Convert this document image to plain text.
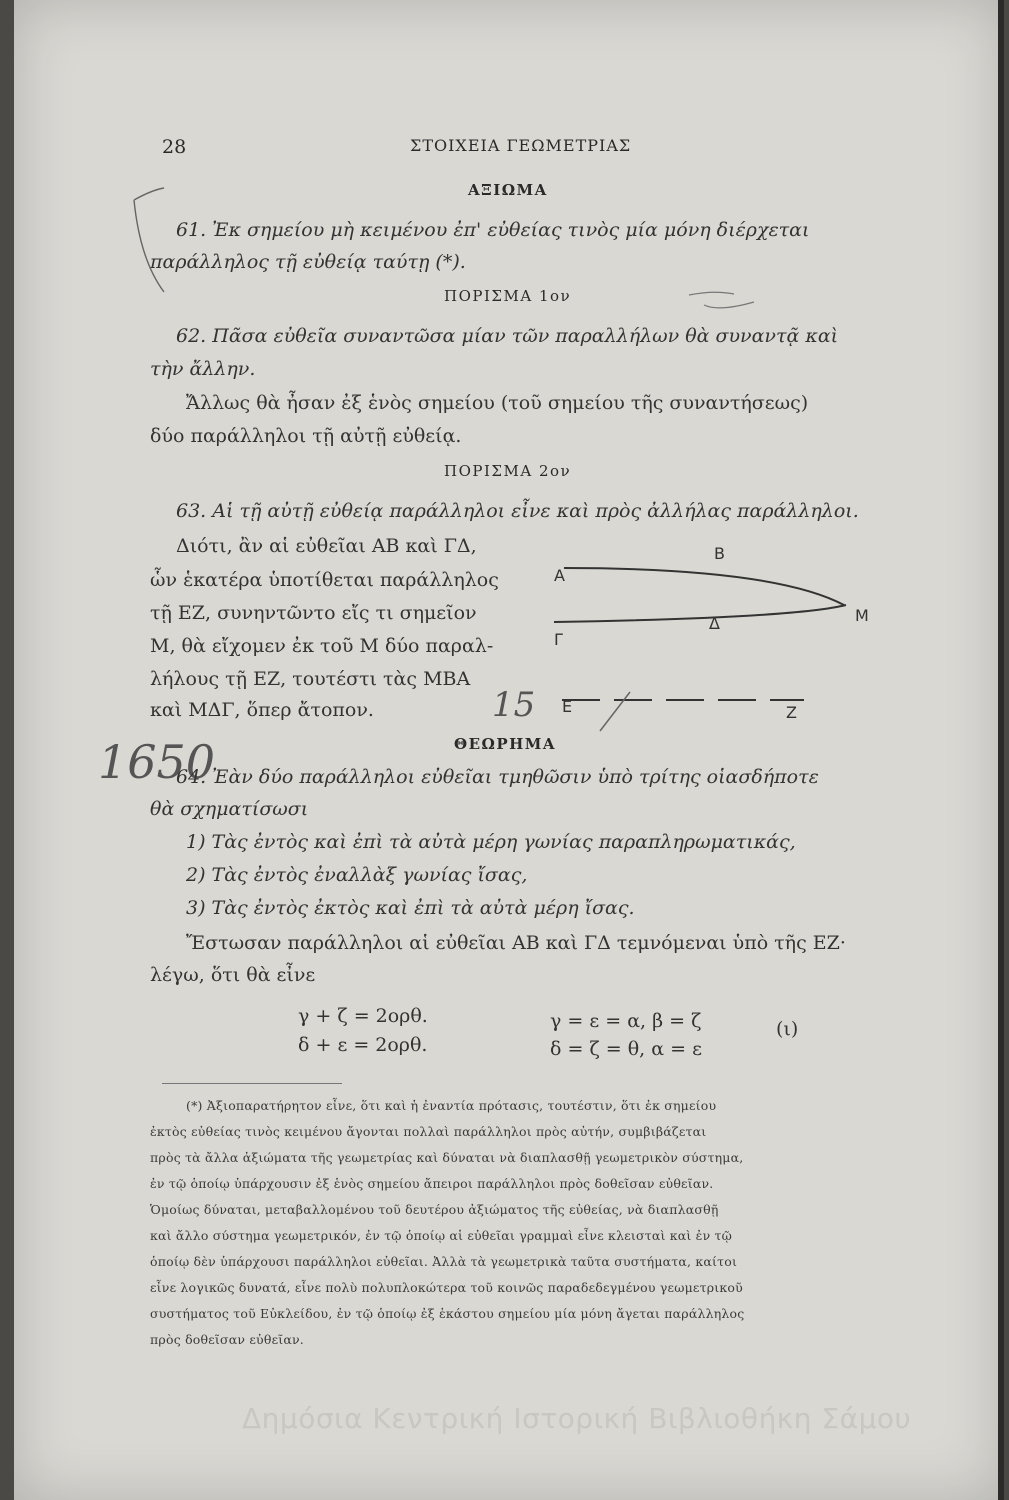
28	ΣΤΟΙΧΕΙΑ ΓΕΩΜΕΤΡΙΑΣ
ΑΞΙΩΜΑ
61. Ἐκ σημείου μὴ κειμένου ἐπ' εὐθείας τινὸς μία μόνη διέρχεται
παράλληλος τῇ εὐθείᾳ ταύτῃ (*).
ΠΟΡΙΣΜΑ 1ον
62. Πᾶσα εὐθεῖα συναντῶσα μίαν τῶν παραλλήλων θὰ συναντᾷ καὶ
τὴν ἄλλην.
Ἄλλως θὰ ἦσαν ἐξ ἑνὸς σημείου (τοῦ σημείου τῆς συναντήσεως)
δύο παράλληλοι τῇ αὐτῇ εὐθείᾳ.
ΠΟΡΙΣΜΑ 2ον
63. Αἱ τῇ αὐτῇ εὐθείᾳ παράλληλοι εἶνε καὶ πρὸς ἀλλήλας παράλληλοι.
Διότι, ἂν αἱ εὐθεῖαι ΑΒ καὶ ΓΔ,
ὧν ἑκατέρα ὑποτίθεται παράλληλος
τῇ ΕΖ, συνηντῶντο εἴς τι σημεῖον
Μ, θὰ εἴχομεν ἐκ τοῦ Μ δύο παραλ-
λήλους τῇ ΕΖ, τουτέστι τὰς ΜΒΑ
καὶ ΜΔΓ, ὅπερ ἄτοπον.
B
A
Γ
Δ	M
E	Z
15
1650	ΘΕΩΡΗΜΑ
64. Ἐὰν δύο παράλληλοι εὐθεῖαι τμηθῶσιν ὑπὸ τρίτης οἱασδήποτε
θὰ σχηματίσωσι
1) Τὰς ἐντὸς καὶ ἐπὶ τὰ αὐτὰ μέρη γωνίας παραπληρωματικάς,
2) Τὰς ἐντὸς ἐναλλὰξ γωνίας ἴσας,
3) Τὰς ἐντὸς ἐκτὸς καὶ ἐπὶ τὰ αὐτὰ μέρη ἴσας.
Ἔστωσαν παράλληλοι αἱ εὐθεῖαι ΑΒ καὶ ΓΔ τεμνόμεναι ὑπὸ τῆς ΕΖ·
λέγω, ὅτι θὰ εἶνε
γ + ζ = 2ορθ.
δ + ε = 2ορθ.
γ = ε = α, β = ζ
δ = ζ = θ, α = ε
(ι)
(*) Ἀξιοπαρατήρητον εἶνε, ὅτι καὶ ἡ ἐναντία πρότασις, τουτέστιν, ὅτι ἐκ σημείου
ἐκτὸς εὐθείας τινὸς κειμένου ἄγονται πολλαὶ παράλληλοι πρὸς αὐτήν, συμβιβάζεται
πρὸς τὰ ἄλλα ἀξιώματα τῆς γεωμετρίας καὶ δύναται νὰ διαπλασθῇ γεωμετρικὸν σύστημα,
ἐν τῷ ὁποίῳ ὑπάρχουσιν ἐξ ἑνὸς σημείου ἄπειροι παράλληλοι πρὸς δοθεῖσαν εὐθεῖαν.
Ὁμοίως δύναται, μεταβαλλομένου τοῦ δευτέρου ἀξιώματος τῆς εὐθείας, νὰ διαπλασθῇ
καὶ ἄλλο σύστημα γεωμετρικόν, ἐν τῷ ὁποίῳ αἱ εὐθεῖαι γραμμαὶ εἶνε κλεισταὶ καὶ ἐν τῷ
ὁποίῳ δὲν ὑπάρχουσι παράλληλοι εὐθεῖαι. Ἀλλὰ τὰ γεωμετρικὰ ταῦτα συστήματα, καίτοι
εἶνε λογικῶς δυνατά, εἶνε πολὺ πολυπλοκώτερα τοῦ κοινῶς παραδεδεγμένου γεωμετρικοῦ
συστήματος τοῦ Εὐκλείδου, ἐν τῷ ὁποίῳ ἐξ ἑκάστου σημείου μία μόνη ἄγεται παράλληλος
πρὸς δοθεῖσαν εὐθεῖαν.
Δημόσια Κεντρική Ιστορική Βιβλιοθήκη Σάμου
